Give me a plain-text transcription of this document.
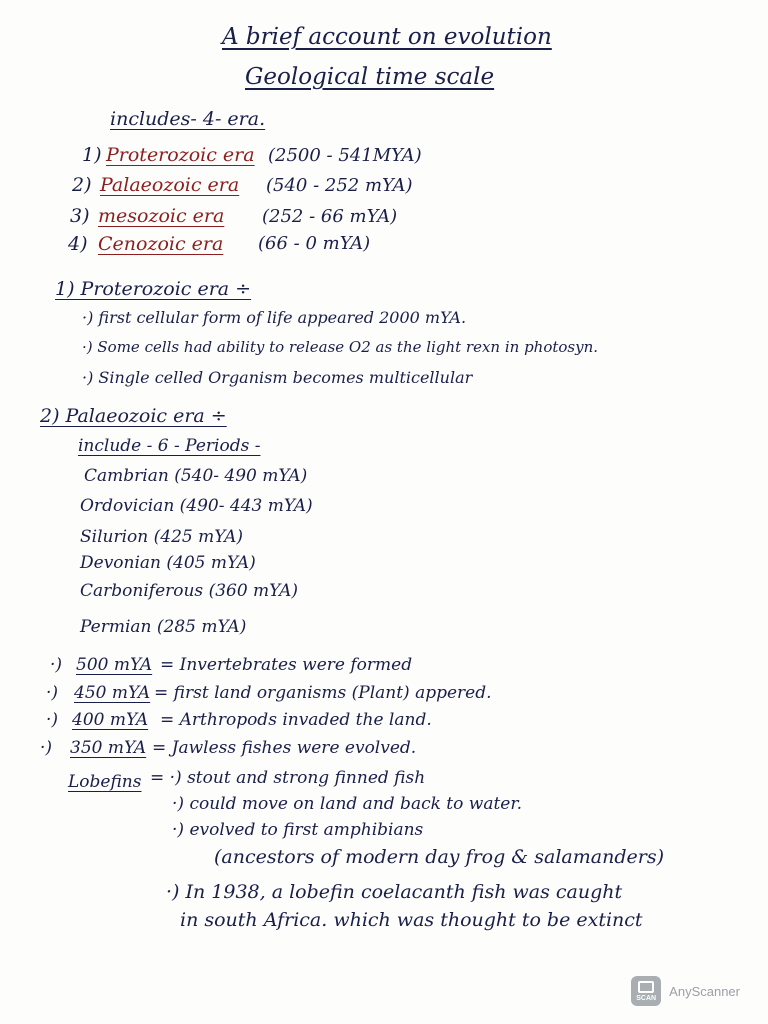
A brief account on evolution
Geological time scale
includes- 4- era.
1) Proterozoic era (2500 - 541MYA)
2) Palaeozoic era (540 - 252 mYA)
3) mesozoic era (252 - 66 mYA)
4) Cenozoic era (66 - 0 mYA)
1) Proterozoic era ÷
·) first cellular form of life appeared 2000 mYA.
·) Some cells had ability to release O2 as the light rexn in photosyn.
·) Single celled Organism becomes multicellular
2) Palaeozoic era ÷
include - 6 - Periods -
Cambrian (540- 490 mYA)
Ordovician (490- 443 mYA)
Silurion (425 mYA)
Devonian (405 mYA)
Carboniferous (360 mYA)
Permian (285 mYA)
·) 500 mYA = Invertebrates were formed
·) 450 mYA = first land organisms (Plant) appered.
·) 400 mYA = Arthropods invaded the land.
·) 350 mYA = Jawless fishes were evolved.
Lobefins = ·) stout and strong finned fish
·) could move on land and back to water.
·) evolved to first amphibians
(ancestors of modern day frog & salamanders)
·) In 1938, a lobefin coelacanth fish was caught
in south Africa. which was thought to be extinct
SCAN AnyScanner
